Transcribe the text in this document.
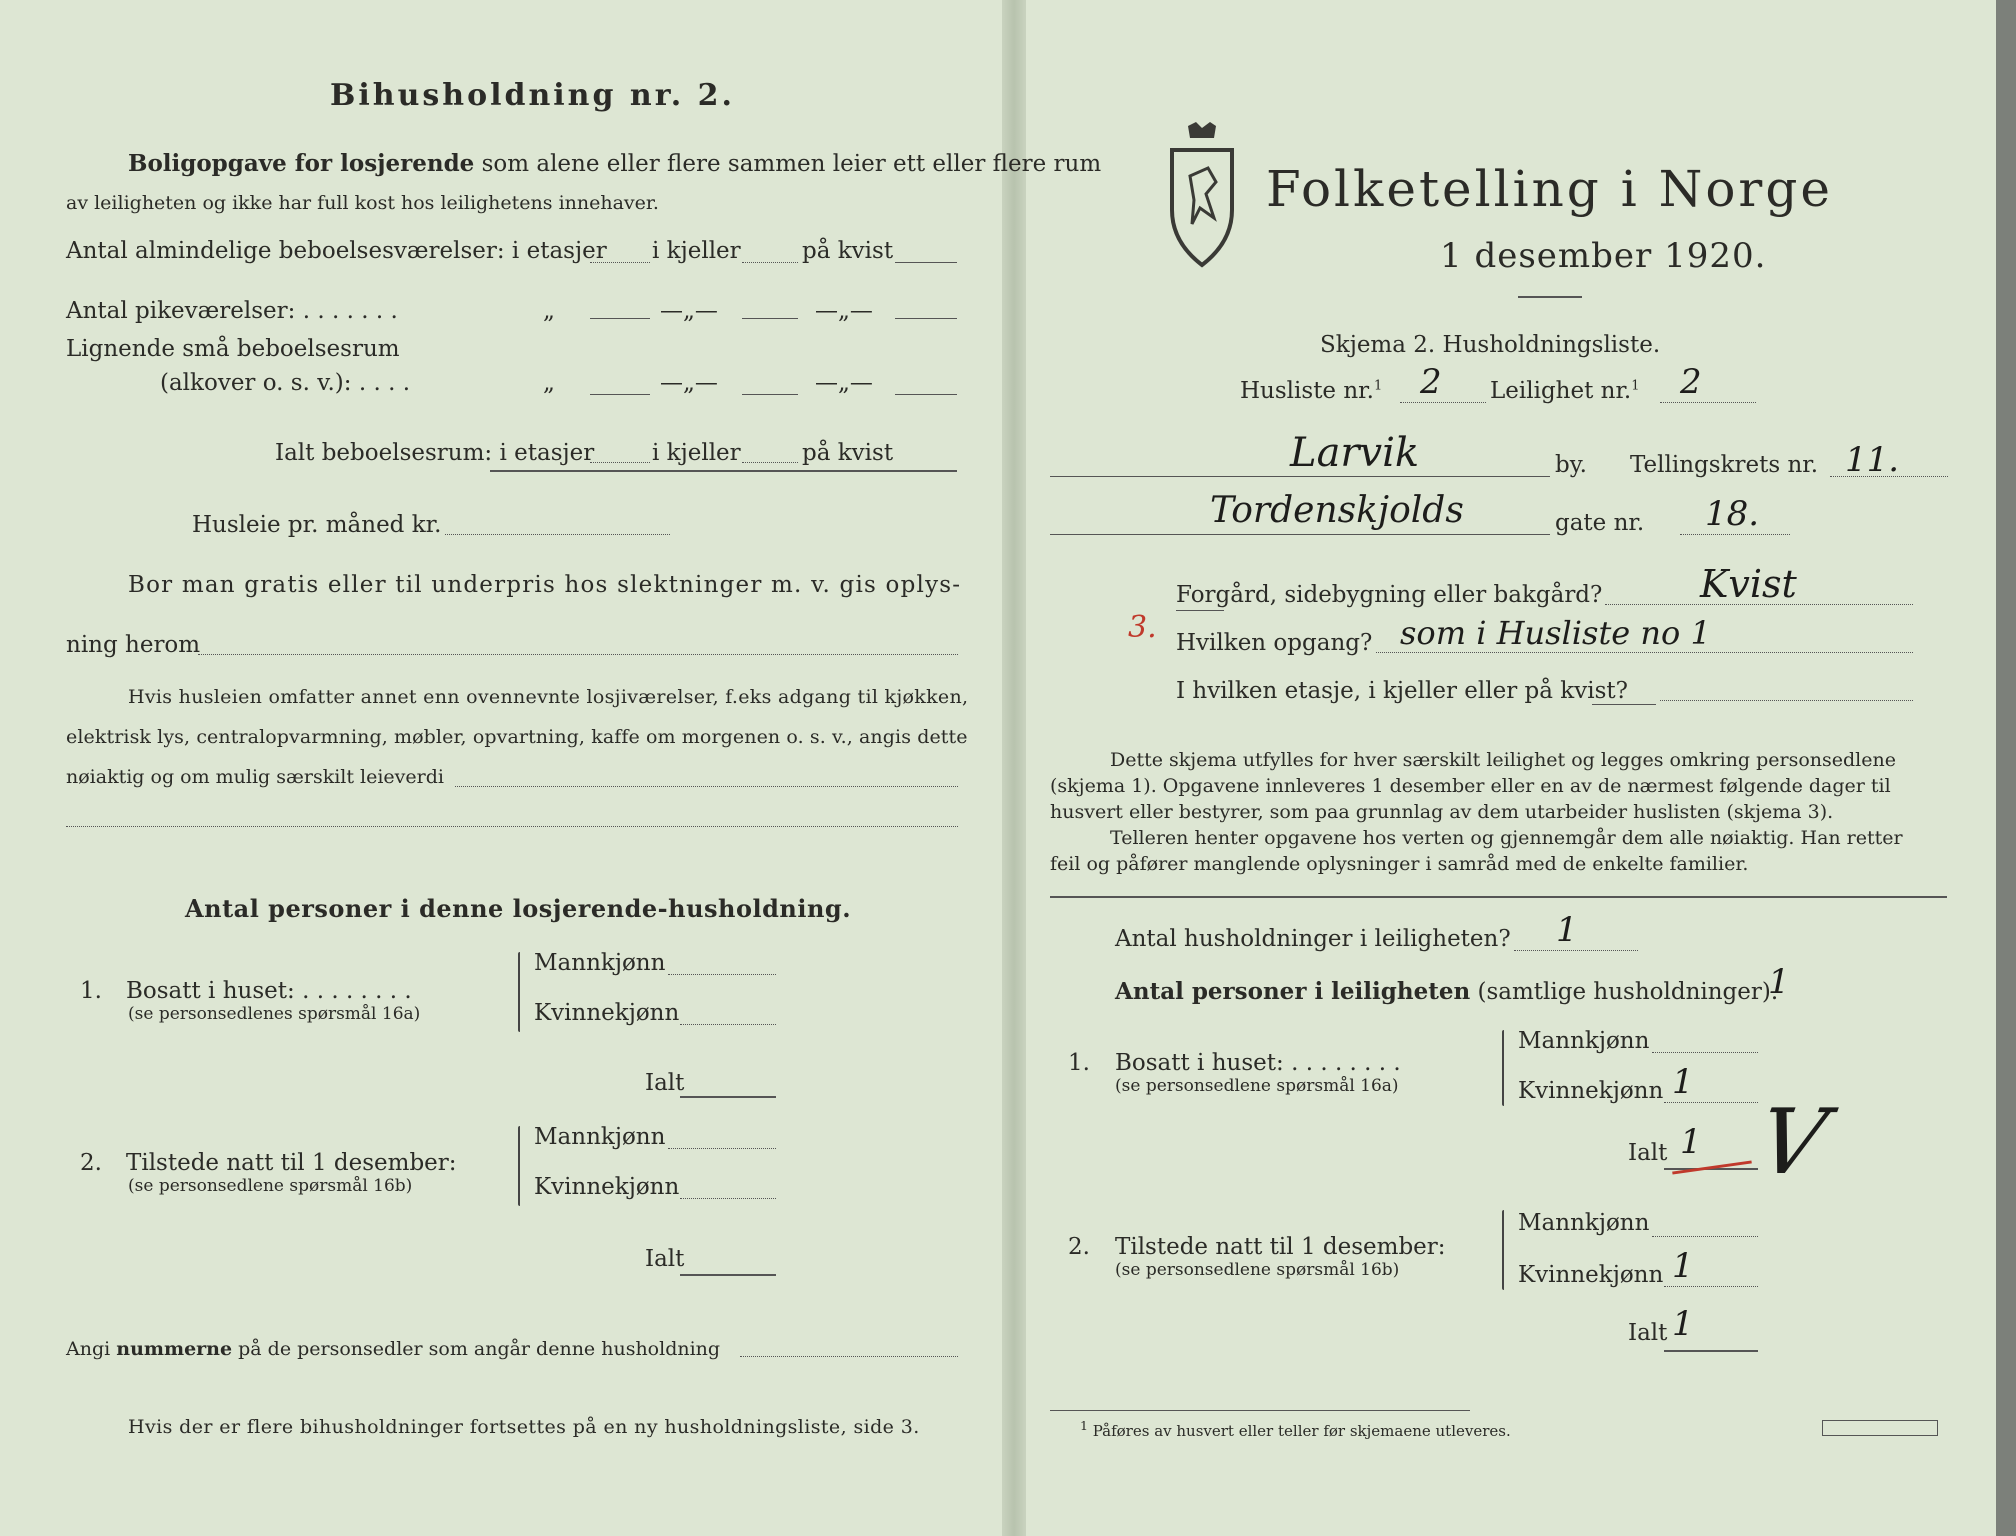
Bihusholdning nr. 2.
Boligopgave for losjerende som alene eller flere sammen leier ett eller flere rum
av leiligheten og ikke har full kost hos leilighetens innehaver.
Antal almindelige beboelsesværelser: i etasjer i kjeller	på kvist
Antal pikeværelser: . . . . . . .	„	—„—	—„—
Lignende små beboelsesrum
(alkover o. s. v.): . . . .	„	—„—	—„—
Ialt beboelsesrum: i etasjer	i kjeller	på kvist
Husleie pr. måned kr.
Bor man gratis eller til underpris hos slektninger m. v. gis oplys-
ning herom
Hvis husleien omfatter annet enn ovennevnte losjiværelser, f.eks adgang til kjøkken,
elektrisk lys, centralopvarmning, møbler, opvartning, kaffe om morgenen o. s. v., angis dette
nøiaktig og om mulig særskilt leieverdi
Antal personer i denne losjerende-husholdning.
1. Bosatt i huset: . . . . . . . .
(se personsedlenes spørsmål 16a)
Mannkjønn
Kvinnekjønn
Ialt
2. Tilstede natt til 1 desember:
(se personsedlene spørsmål 16b)
Mannkjønn
Kvinnekjønn
Ialt
Angi nummerne på de personsedler som angår denne husholdning
Hvis der er flere bihusholdninger fortsettes på en ny husholdningsliste, side 3.
Folketelling i Norge
1 desember 1920.
Skjema 2. Husholdningsliste.
Husliste nr.$^1$ 2 Leilighet nr.$^1$ 2
Larvik	by. Tellingskrets nr. 11.
Tordenskjolds	gate nr. 18.
Forgård, sidebygning eller bakgård?	Kvist
3. Hvilken opgang? som i Husliste no 1
I hvilken etasje, i kjeller eller på kvist?
Dette skjema utfylles for hver særskilt leilighet og legges omkring personsedlene
(skjema 1). Opgavene innleveres 1 desember eller en av de nærmest følgende dager til
husvert eller bestyrer, som paa grunnlag av dem utarbeider huslisten (skjema 3).
Telleren henter opgavene hos verten og gjennemgår dem alle nøiaktig. Han retter
feil og påfører manglende oplysninger i samråd med de enkelte familier.
Antal husholdninger i leiligheten? 1
Antal personer i leiligheten (samtlige husholdninger).
1
1. Bosatt i huset: . . . . . . . .
(se personsedlene spørsmål 16a)
Mannkjønn
Kvinnekjønn 1
Ialt 1 V
2. Tilstede natt til 1 desember:
(se personsedlene spørsmål 16b)
Mannkjønn
Kvinnekjønn 1
Ialt 1
$^1$ Påføres av husvert eller teller før skjemaene utleveres.
